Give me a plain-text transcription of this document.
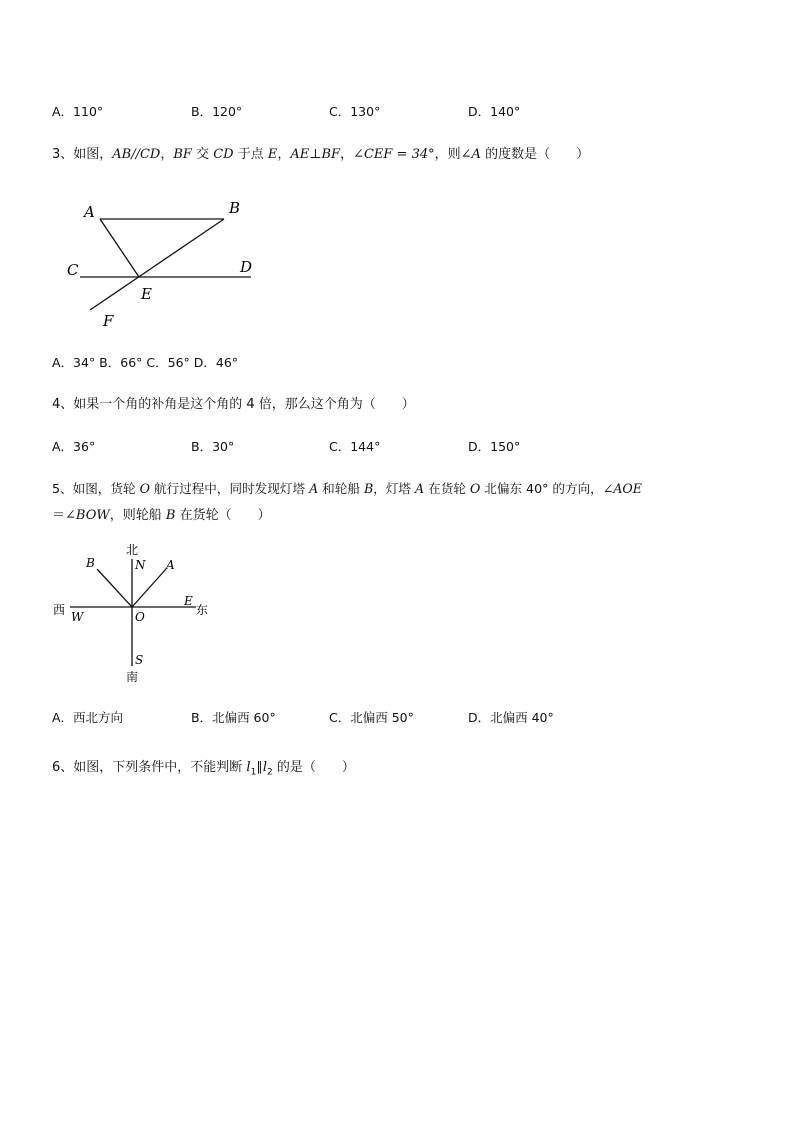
A．110°	B．120°	C．130°	D．140°
3、如图，AB//CD，BF 交 CD 于点 E，AE⊥BF，∠CEF = 34°，则∠A 的度数是（　　）
A	B
C	D
E
F
北
南
西	东
N
S
W
E
O
A
B
A．34° B．66° C．56° D．46°
4、如果一个角的补角是这个角的 4 倍，那么这个角为（　　）
A．36°	B．30°	C．144°	D．150°
5、如图，货轮 O 航行过程中，同时发现灯塔 A 和轮船 B，灯塔 A 在货轮 O 北偏东 40° 的方向，∠AOE
＝∠BOW，则轮船 B 在货轮（　　）
A．西北方向	B．北偏西 60°	C．北偏西 50°	D．北偏西 40°
6、如图，下列条件中，不能判断 $l_1\parallel l_2$ 的是（　　）
